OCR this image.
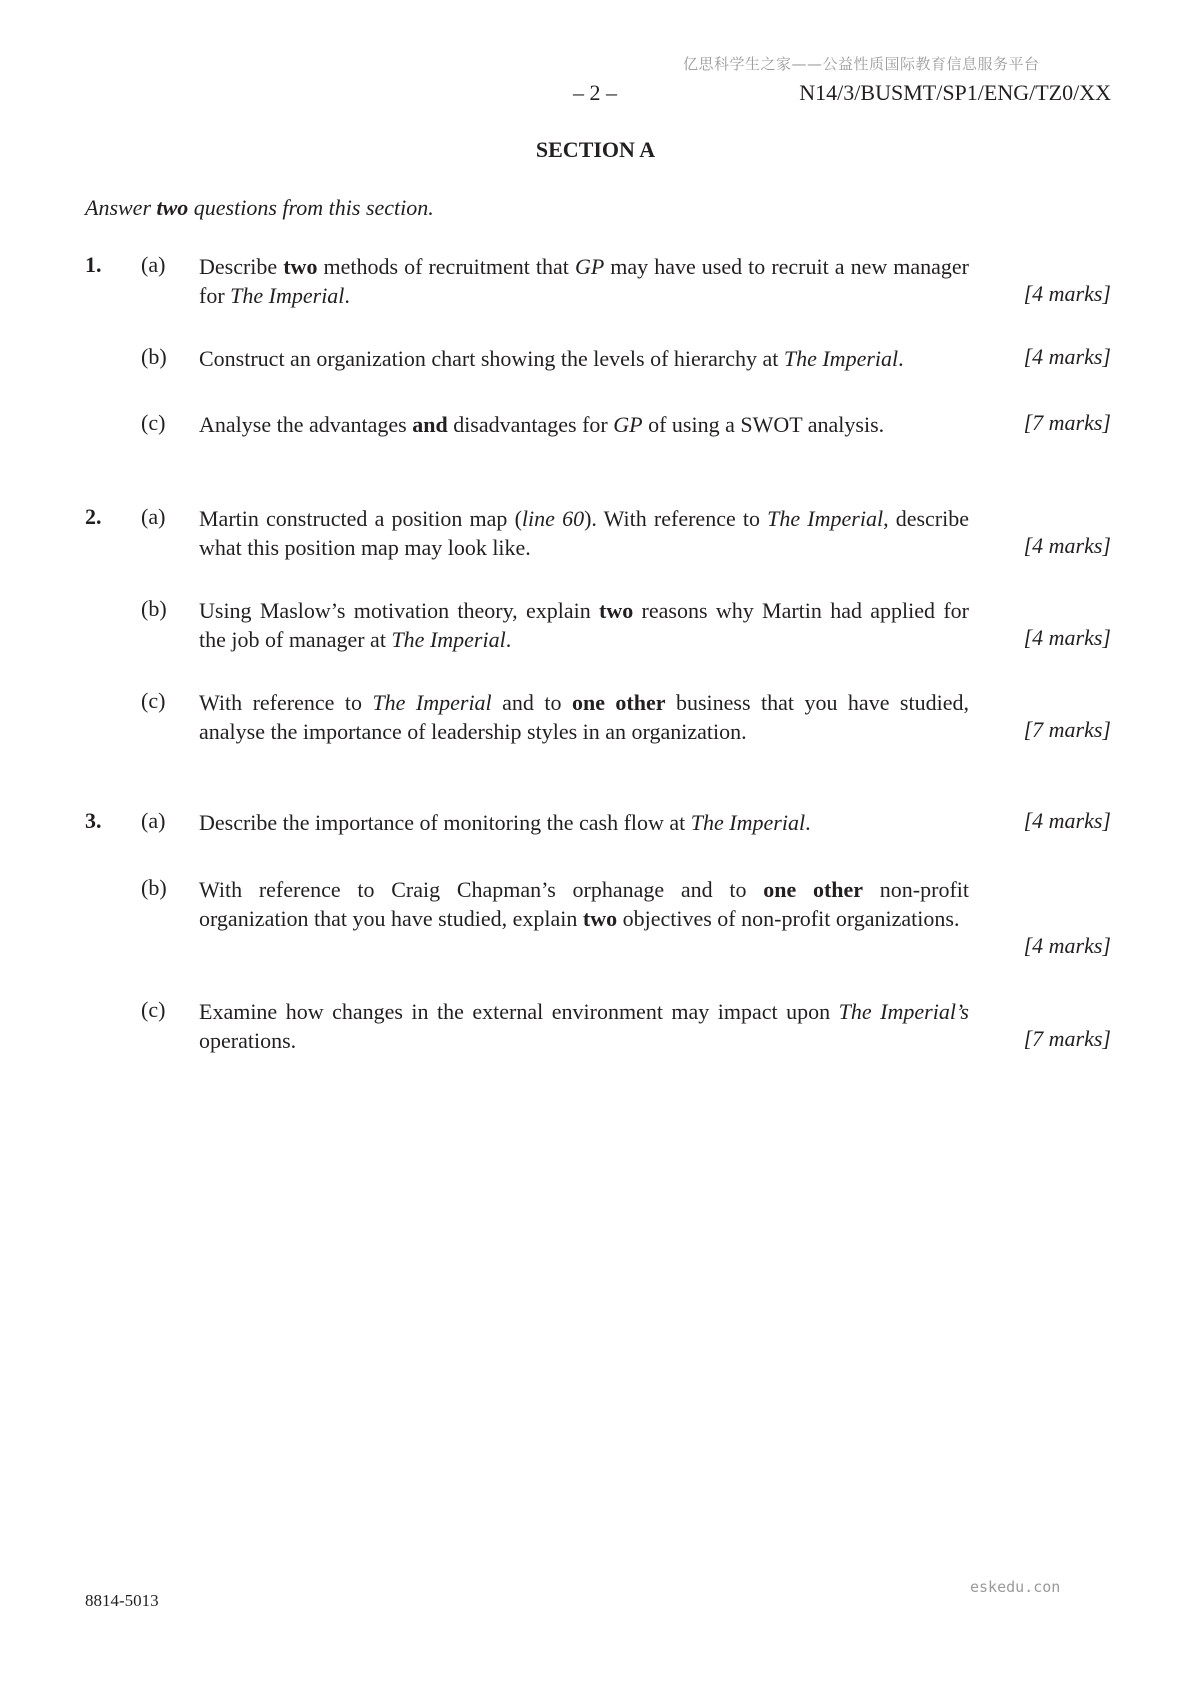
亿思科学生之家——公益性质国际教育信息服务平台
– 2 –	N14/3/BUSMT/SP1/ENG/TZ0/XX
SECTION A
Answer two questions from this section.
1. (a) Describe two methods of recruitment that GP may have used to recruit a new manager for The Imperial.	[4 marks]
(b) Construct an organization chart showing the levels of hierarchy at The Imperial.	[4 marks]
(c) Analyse the advantages and disadvantages for GP of using a SWOT analysis.	[7 marks]
2. (a) Martin constructed a position map (line 60). With reference to The Imperial, describe what this position map may look like.	[4 marks]
(b) Using Maslow’s motivation theory, explain two reasons why Martin had applied for the job of manager at The Imperial.	[4 marks]
(c) With reference to The Imperial and to one other business that you have studied, analyse the importance of leadership styles in an organization.	[7 marks]
3. (a) Describe the importance of monitoring the cash flow at The Imperial.	[4 marks]
(b) With reference to Craig Chapman’s orphanage and to one other non-profit organization that you have studied, explain two objectives of non-profit organizations.
[4 marks]
(c) Examine how changes in the external environment may impact upon The Imperial’s operations.	[7 marks]
8814-5013
eskedu.con
